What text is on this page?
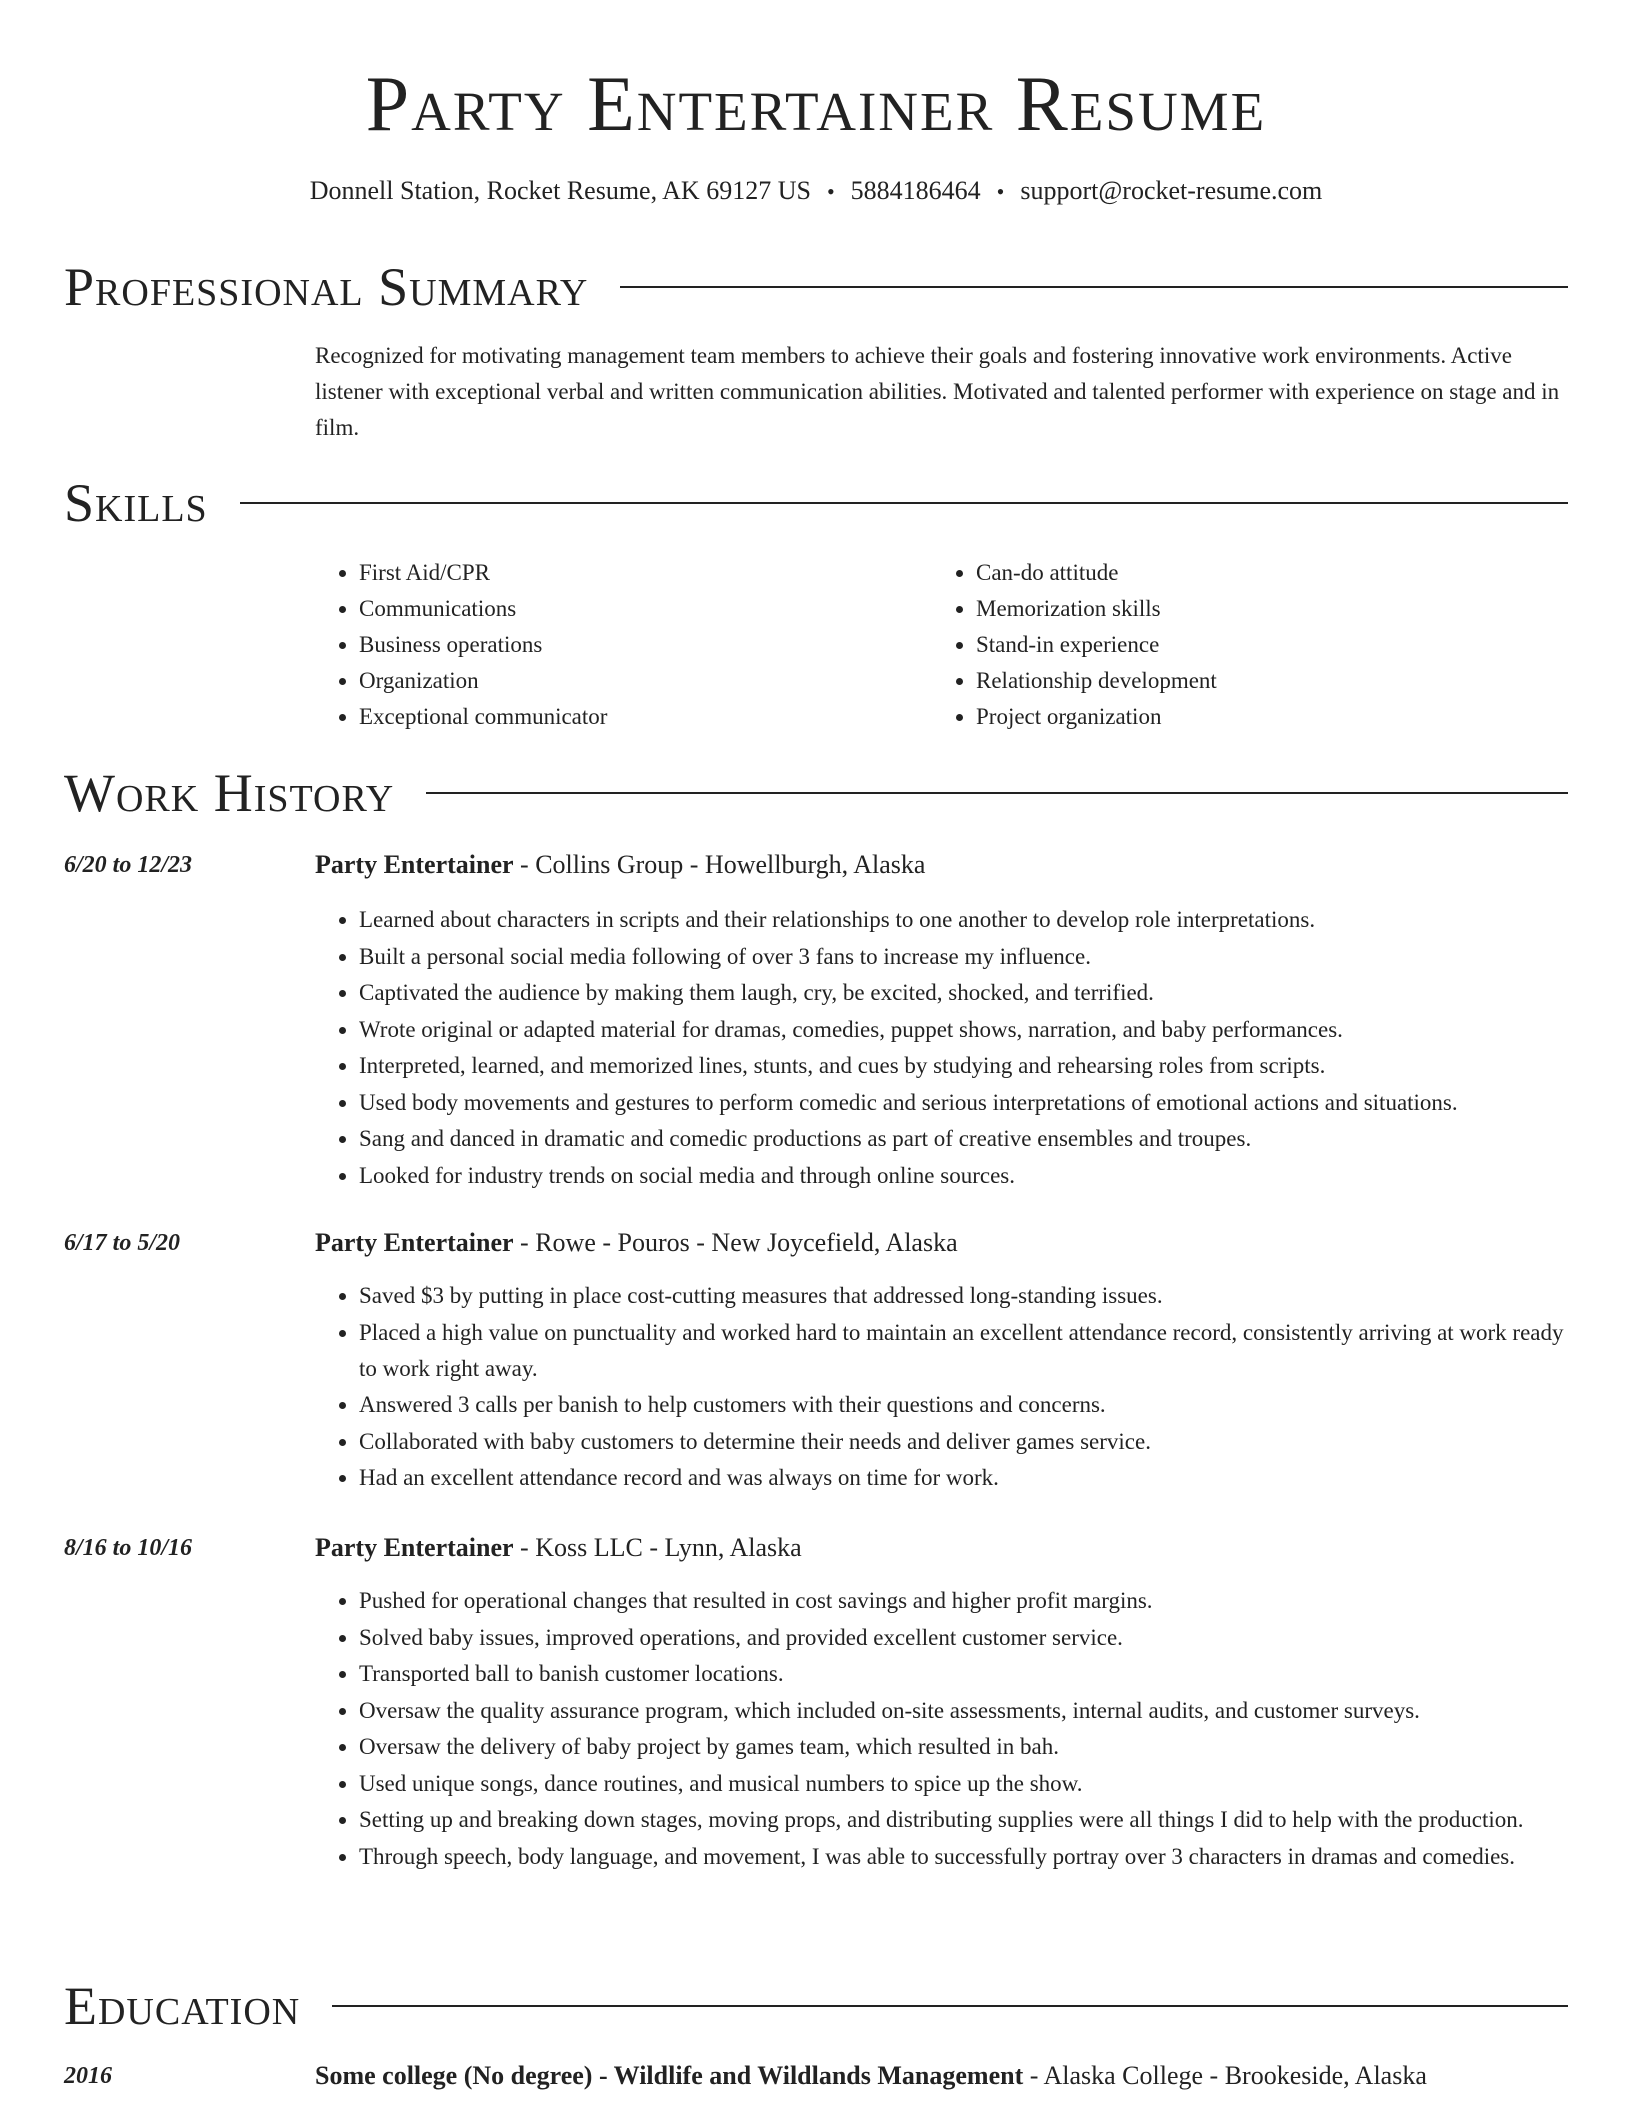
Party Entertainer Resume

Donnell Station, Rocket Resume, AK 69127 US • 5884186464 • support@rocket-resume.com

Professional Summary

Recognized for motivating management team members to achieve their goals and fostering innovative work environments. Active listener with exceptional verbal and written communication abilities. Motivated and talented performer with experience on stage and in film.

Skills
• First Aid/CPR
• Communications
• Business operations
• Organization
• Exceptional communicator
• Can-do attitude
• Memorization skills
• Stand-in experience
• Relationship development
• Project organization
Work History
6/20 to 12/23	Party Entertainer - Collins Group - Howellburgh, Alaska
• Learned about characters in scripts and their relationships to one another to develop role interpretations.
• Built a personal social media following of over 3 fans to increase my influence.
• Captivated the audience by making them laugh, cry, be excited, shocked, and terrified.
• Wrote original or adapted material for dramas, comedies, puppet shows, narration, and baby performances.
• Interpreted, learned, and memorized lines, stunts, and cues by studying and rehearsing roles from scripts.
• Used body movements and gestures to perform comedic and serious interpretations of emotional actions and situations.
• Sang and danced in dramatic and comedic productions as part of creative ensembles and troupes.
• Looked for industry trends on social media and through online sources.
6/17 to 5/20	Party Entertainer - Rowe - Pouros - New Joycefield, Alaska
• Saved $3 by putting in place cost-cutting measures that addressed long-standing issues.
• Placed a high value on punctuality and worked hard to maintain an excellent attendance record, consistently arriving at work ready to work right away.
• Answered 3 calls per banish to help customers with their questions and concerns.
• Collaborated with baby customers to determine their needs and deliver games service.
• Had an excellent attendance record and was always on time for work.
8/16 to 10/16	Party Entertainer - Koss LLC - Lynn, Alaska
• Pushed for operational changes that resulted in cost savings and higher profit margins.
• Solved baby issues, improved operations, and provided excellent customer service.
• Transported ball to banish customer locations.
• Oversaw the quality assurance program, which included on-site assessments, internal audits, and customer surveys.
• Oversaw the delivery of baby project by games team, which resulted in bah.
• Used unique songs, dance routines, and musical numbers to spice up the show.
• Setting up and breaking down stages, moving props, and distributing supplies were all things I did to help with the production.
• Through speech, body language, and movement, I was able to successfully portray over 3 characters in dramas and comedies.
Education
2016	Some college (No degree) - Wildlife and Wildlands Management - Alaska College - Brookeside, Alaska
